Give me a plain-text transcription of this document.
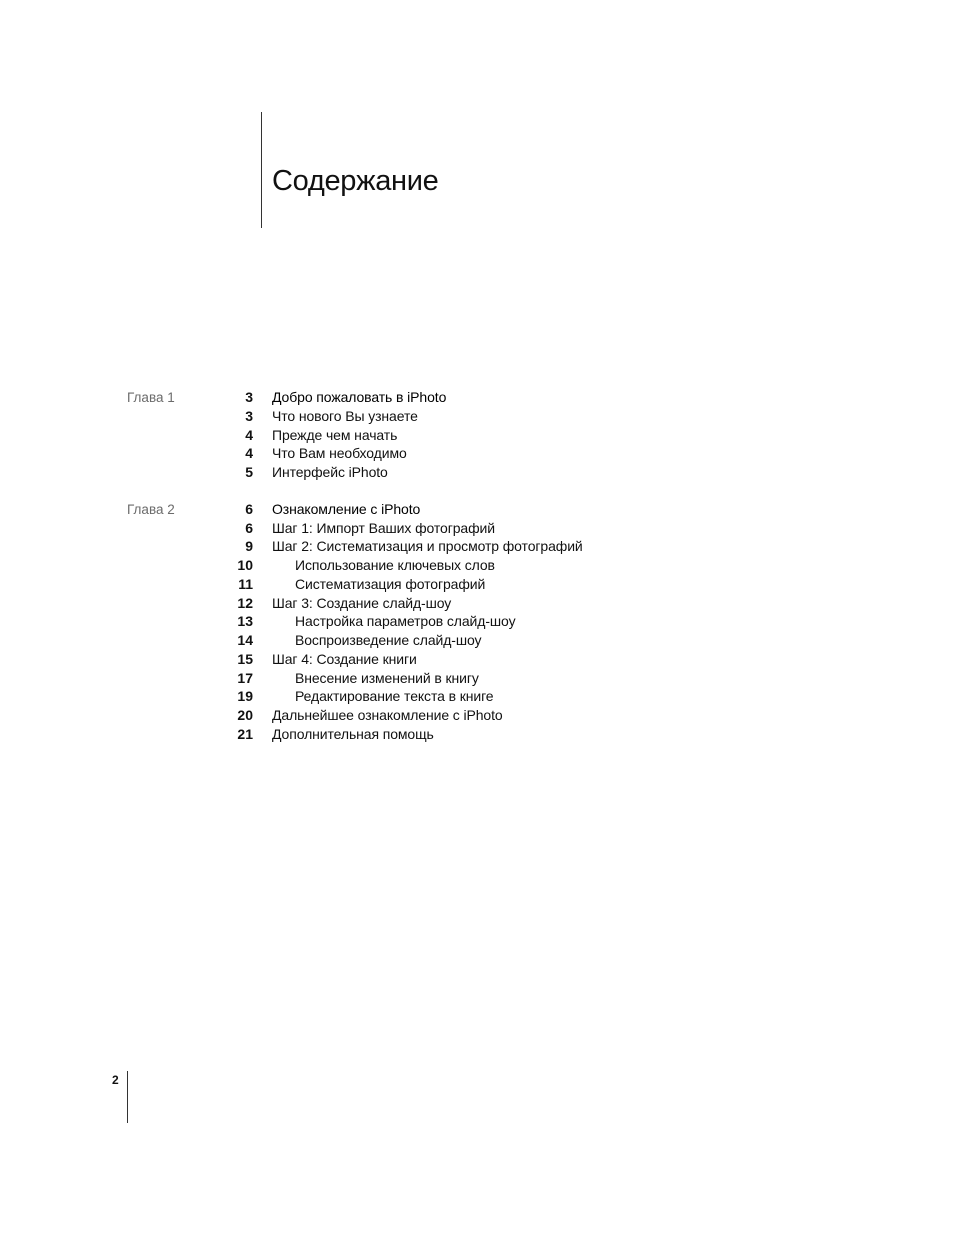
Содержание
Глава 1	3 Добро пожаловать в iPhoto
3 Что нового Вы узнаете
4 Прежде чем начать
4 Что Вам необходимо
5 Интерфейс iPhoto
Глава 2	6 Ознакомление с iPhoto
6 Шаг 1: Импорт Ваших фотографий
9 Шаг 2: Систематизация и просмотр фотографий
10	Использование ключевых слов
11	Систематизация фотографий
12 Шаг 3: Создание слайд-шоу
13	Настройка параметров слайд-шоу
14	Воспроизведение слайд-шоу
15 Шаг 4: Создание книги
17	Внесение изменений в книгу
19	Редактирование текста в книге
20 Дальнейшее ознакомление с iPhoto
21 Дополнительная помощь
2
